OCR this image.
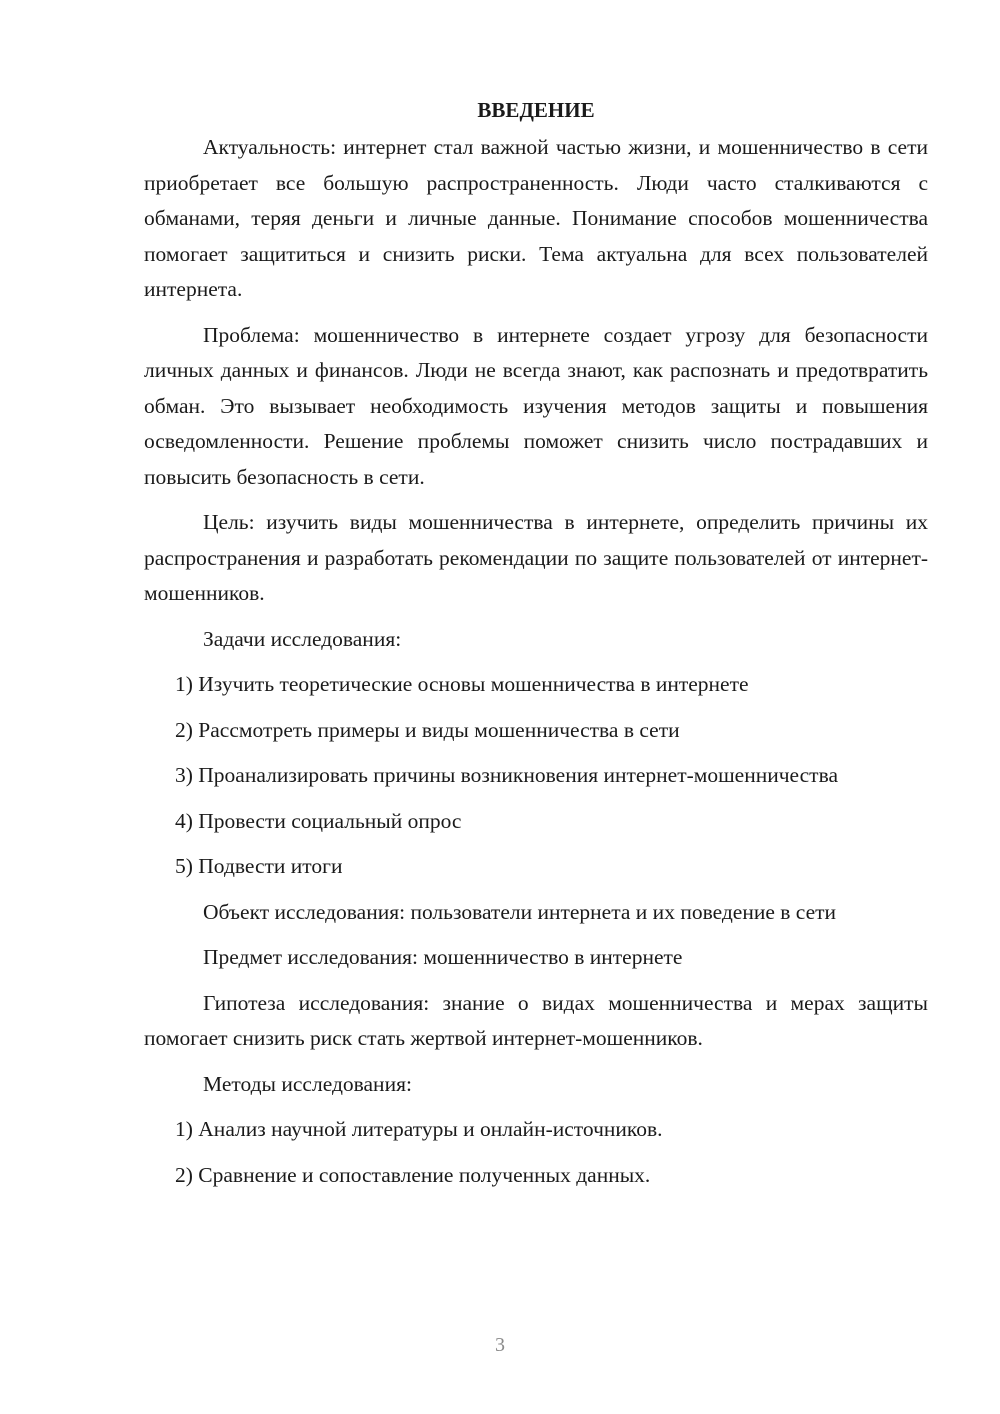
ВВЕДЕНИЕ

Актуальность: интернет стал важной частью жизни, и мошенничество в сети приобретает все большую распространенность. Люди часто сталкиваются с обманами, теряя деньги и личные данные. Понимание способов мошенничества помогает защититься и снизить риски. Тема актуальна для всех пользователей интернета.

Проблема: мошенничество в интернете создает угрозу для безопасности личных данных и финансов. Люди не всегда знают, как распознать и предотвратить обман. Это вызывает необходимость изучения методов защиты и повышения осведомленности. Решение проблемы поможет снизить число пострадавших и повысить безопасность в сети.

Цель: изучить виды мошенничества в интернете, определить причины их распространения и разработать рекомендации по защите пользователей от интернет-мошенников.

Задачи исследования:

1) Изучить теоретические основы мошенничества в интернете

2) Рассмотреть примеры и виды мошенничества в сети

3) Проанализировать причины возникновения интернет-мошенничества

4) Провести социальный опрос

5) Подвести итоги

Объект исследования: пользователи интернета и их поведение в сети

Предмет исследования: мошенничество в интернете

Гипотеза исследования: знание о видах мошенничества и мерах защиты помогает снизить риск стать жертвой интернет-мошенников.

Методы исследования:

1) Анализ научной литературы и онлайн-источников.

2) Сравнение и сопоставление полученных данных.

3
